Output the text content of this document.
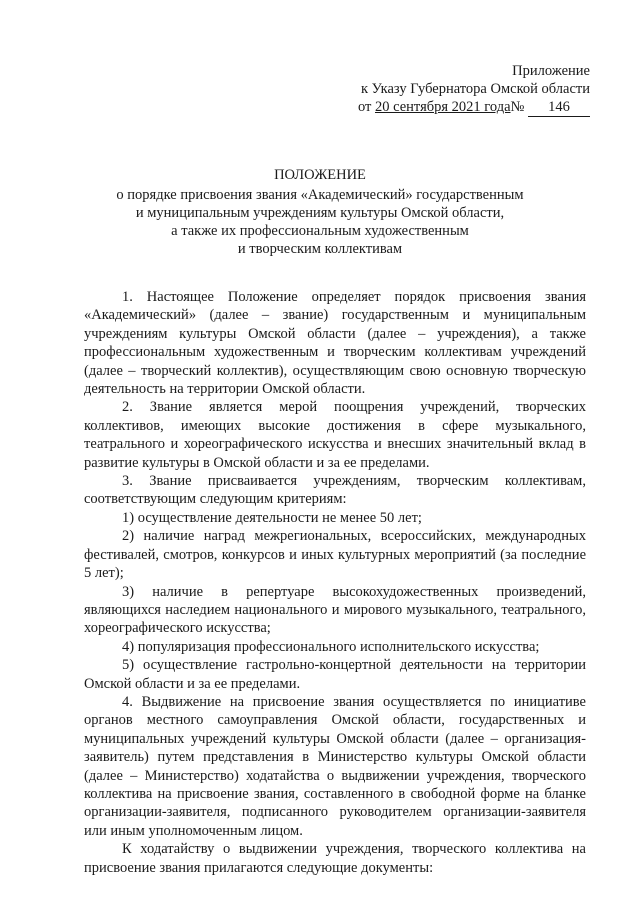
Приложение
к Указу Губернатора Омской области
от 20 сентября 2021 года№ 146
ПОЛОЖЕНИЕ
о порядке присвоения звания «Академический» государственным
и муниципальным учреждениям культуры Омской области,
а также их профессиональным художественным
и творческим коллективам

1. Настоящее Положение определяет порядок присвоения звания «Академический» (далее – звание) государственным и муниципальным учреждениям культуры Омской области (далее – учреждения), а также профессиональным художественным и творческим коллективам учреждений (далее – творческий коллектив), осуществляющим свою основную творческую деятельность на территории Омской области.

2. Звание является мерой поощрения учреждений, творческих коллективов, имеющих высокие достижения в сфере музыкального, театрального и хореографического искусства и внесших значительный вклад в развитие культуры в Омской области и за ее пределами.

3. Звание присваивается учреждениям, творческим коллективам, соответствующим следующим критериям:

1) осуществление деятельности не менее 50 лет;

2) наличие наград межрегиональных, всероссийских, международных фестивалей, смотров, конкурсов и иных культурных мероприятий (за последние 5 лет);

3) наличие в репертуаре высокохудожественных произведений, являющихся наследием национального и мирового музыкального, театрального, хореографического искусства;

4) популяризация профессионального исполнительского искусства;

5) осуществление гастрольно-концертной деятельности на территории Омской области и за ее пределами.

4. Выдвижение на присвоение звания осуществляется по инициативе органов местного самоуправления Омской области, государственных и муниципальных учреждений культуры Омской области (далее – организация-заявитель) путем представления в Министерство культуры Омской области (далее – Министерство) ходатайства о выдвижении учреждения, творческого коллектива на присвоение звания, составленного в свободной форме на бланке организации-заявителя, подписанного руководителем организации-заявителя или иным уполномоченным лицом.

К ходатайству о выдвижении учреждения, творческого коллектива на присвоение звания прилагаются следующие документы:
